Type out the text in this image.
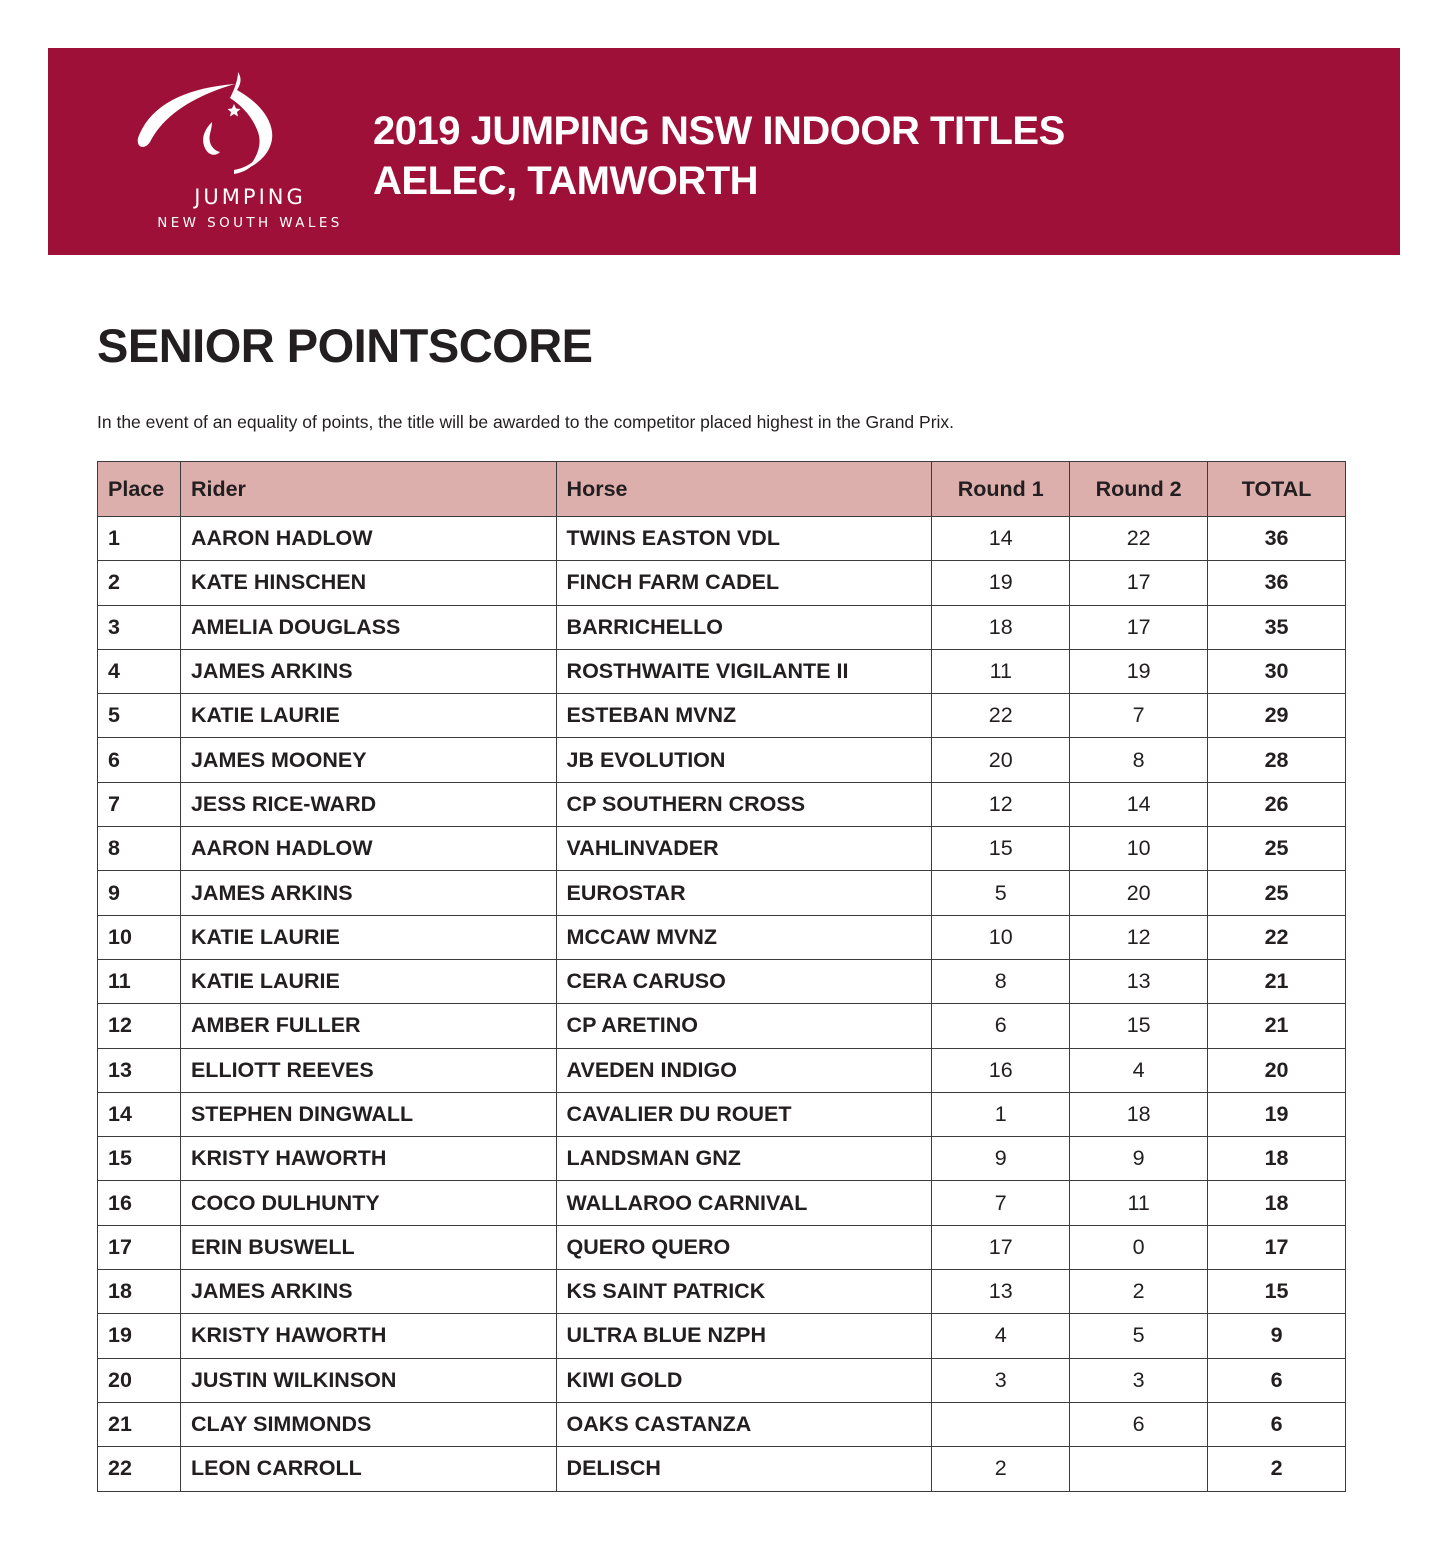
JUMPING
NEW SOUTH WALES
2019 JUMPING NSW INDOOR TITLES
AELEC, TAMWORTH
SENIOR POINTSCORE

In the event of an equality of points, the title will be awarded to the competitor placed highest in the Grand Prix.

Place	Rider	Horse	Round 1	Round 2	TOTAL
1	AARON HADLOW	TWINS EASTON VDL	14	22	36
2	KATE HINSCHEN	FINCH FARM CADEL	19	17	36
3	AMELIA DOUGLASS	BARRICHELLO	18	17	35
4	JAMES ARKINS	ROSTHWAITE VIGILANTE II	11	19	30
5	KATIE LAURIE	ESTEBAN MVNZ	22	7	29
6	JAMES MOONEY	JB EVOLUTION	20	8	28
7	JESS RICE-WARD	CP SOUTHERN CROSS	12	14	26
8	AARON HADLOW	VAHLINVADER	15	10	25
9	JAMES ARKINS	EUROSTAR	5	20	25
10	KATIE LAURIE	MCCAW MVNZ	10	12	22
11	KATIE LAURIE	CERA CARUSO	8	13	21
12	AMBER FULLER	CP ARETINO	6	15	21
13	ELLIOTT REEVES	AVEDEN INDIGO	16	4	20
14	STEPHEN DINGWALL	CAVALIER DU ROUET	1	18	19
15	KRISTY HAWORTH	LANDSMAN GNZ	9	9	18
16	COCO DULHUNTY	WALLAROO CARNIVAL	7	11	18
17	ERIN BUSWELL	QUERO QUERO	17	0	17
18	JAMES ARKINS	KS SAINT PATRICK	13	2	15
19	KRISTY HAWORTH	ULTRA BLUE NZPH	4	5	9
20	JUSTIN WILKINSON	KIWI GOLD	3	3	6
21	CLAY SIMMONDS	OAKS CASTANZA		6	6
22	LEON CARROLL	DELISCH	2		2
